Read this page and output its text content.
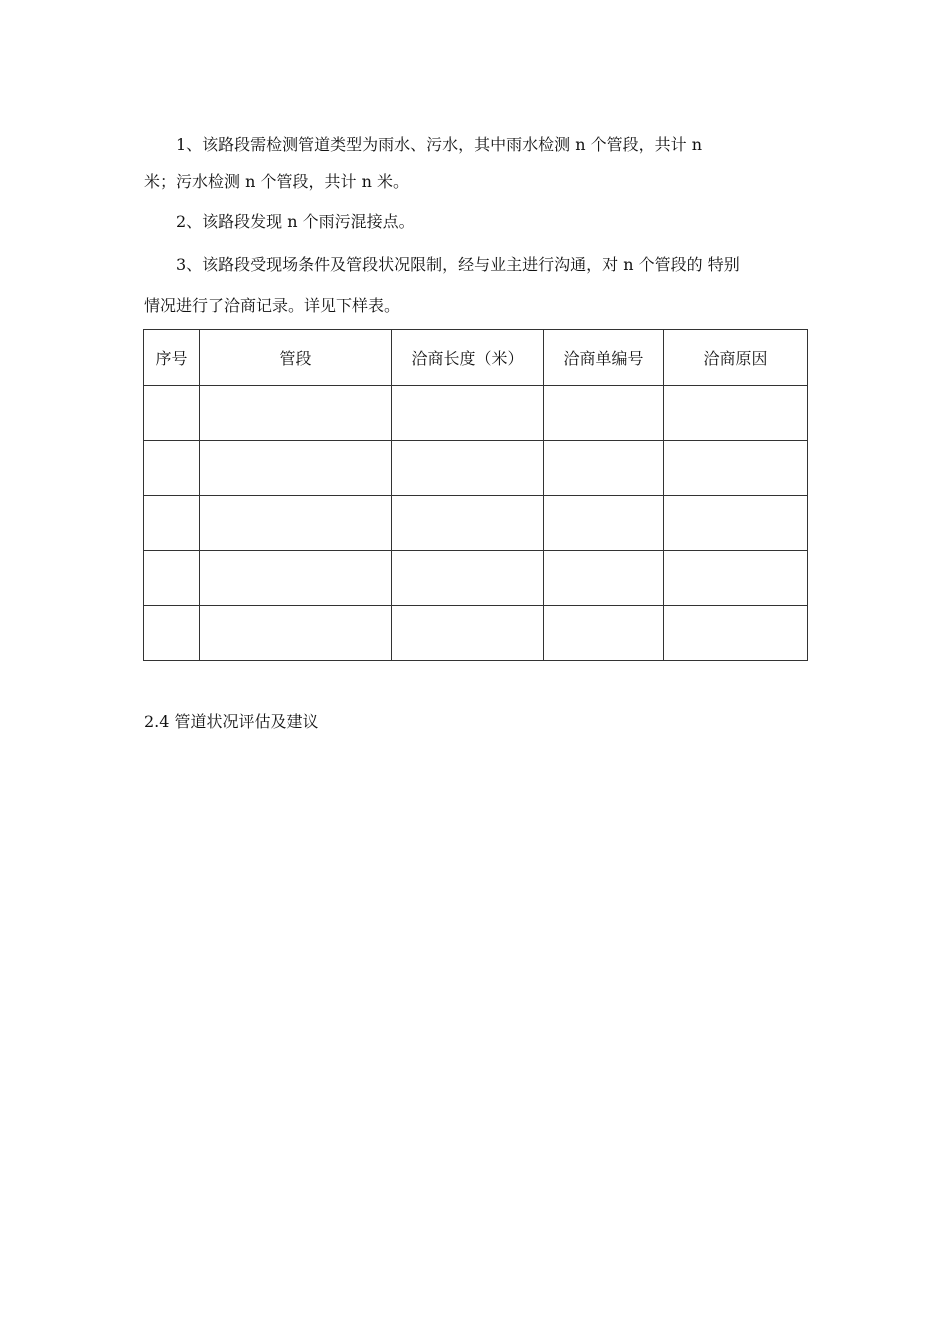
1、该路段需检测管道类型为雨水、污水，其中雨水检测 n 个管段，共计 n
米；污水检测 n 个管段，共计 n 米。
2、该路段发现 n 个雨污混接点。
3、该路段受现场条件及管段状况限制，经与业主进行沟通，对 n 个管段的 特别
情况进行了洽商记录。详见下样表。
序号	管段	洽商长度（米）	洽商单编号	洽商原因

2.4 管道状况评估及建议
